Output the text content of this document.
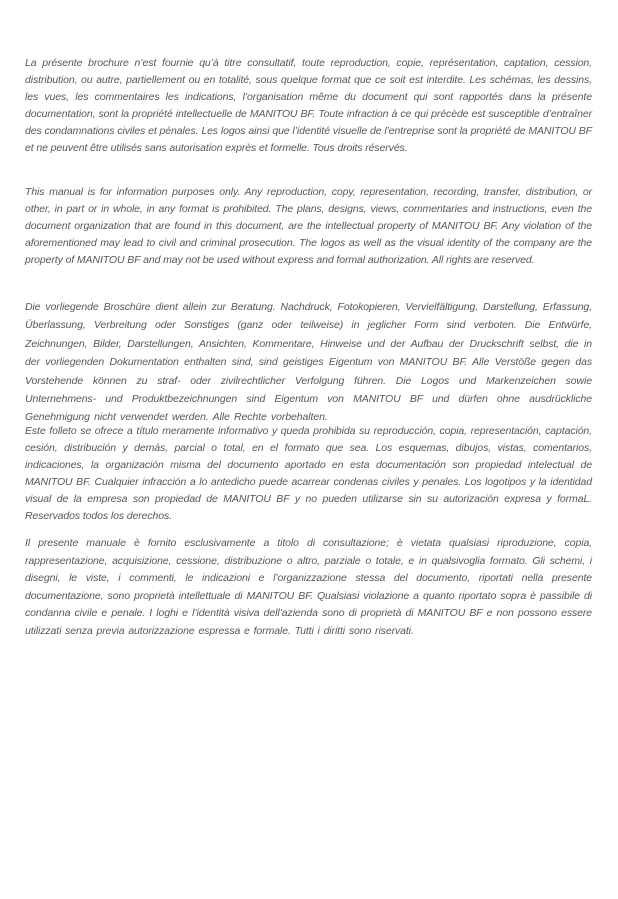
La présente brochure n’est fournie qu’à titre consultatif, toute reproduction, copie, représentation, captation, cession, distribution, ou autre, partiellement ou en totalité, sous quelque format que ce soit est interdite. Les schémas, les dessins, les vues, les commentaires les indications, l’organisation même du document qui sont rapportés dans la présente documentation, sont la propriété intellectuelle de MANITOU BF. Toute infraction à ce qui précède est susceptible d’entraîner des condamnations civiles et pénales. Les logos ainsi que l’identité visuelle de l’entreprise sont la propriété de MANITOU BF et ne peuvent être utilisés sans autorisation exprès et formelle. Tous droits réservés.

This manual is for information purposes only. Any reproduction, copy, representation, recording, transfer, distribution, or other, in part or in whole, in any format is prohibited. The plans, designs, views, commentaries and instructions, even the document organization that are found in this document, are the intellectual property of MANITOU BF. Any violation of the aforementioned may lead to civil and criminal prosecution. The logos as well as the visual identity of the company are the property of MANITOU BF and may not be used without express and formal authorization. All rights are reserved.

Die vorliegende Broschüre dient allein zur Beratung. Nachdruck, Fotokopieren, Vervielfältigung, Darstellung, Erfassung, Überlassung, Verbreitung oder Sonstiges (ganz oder teilweise) in jeglicher Form sind verboten. Die Entwürfe, Zeichnungen, Bilder, Darstellungen, Ansichten, Kommentare, Hinweise und der Aufbau der Druckschrift selbst, die in der vorliegenden Dokumentation enthalten sind, sind geistiges Eigentum von MANITOU BF. Alle Verstöße gegen das Vorstehende können zu straf- oder zivilrechtlicher Verfolgung führen. Die Logos und Markenzeichen sowie Unternehmens- und Produktbezeichnungen sind Eigentum von MANITOU BF und dürfen ohne ausdrückliche Genehmigung nicht verwendet werden. Alle Rechte vorbehalten.

Este folleto se ofrece a título meramente informativo y queda prohibida su reproducción, copia, representación, captación, cesión, distribución y demás, parcial o total, en el formato que sea. Los esquemas, dibujos, vistas, comentarios, indicaciones, la organización misma del documento aportado en esta documentación son propiedad intelectual de MANITOU BF. Cualquier infracción a lo antedicho puede acarrear condenas civiles y penales. Los logotipos y la identidad visual de la empresa son propiedad de MANITOU BF y no pueden utilizarse sin su autorización expresa y formaL. Reservados todos los derechos.

Il presente manuale è fornito esclusivamente a titolo di consultazione; è vietata qualsiasi riproduzione, copia, rappresentazione, acquisizione, cessione, distribuzione o altro, parziale o totale, e in qualsivoglia formato. Gli schemi, i disegni, le viste, i commenti, le indicazioni e l’organizzazione stessa del documento, riportati nella presente documentazione, sono proprietà intellettuale di MANITOU BF. Qualsiasi violazione a quanto riportato sopra è passibile di condanna civile e penale. I loghi e l’identità visiva dell’azienda sono di proprietà di MANITOU BF e non possono essere utilizzati senza previa autorizzazione espressa e formale. Tutti i diritti sono riservati.
